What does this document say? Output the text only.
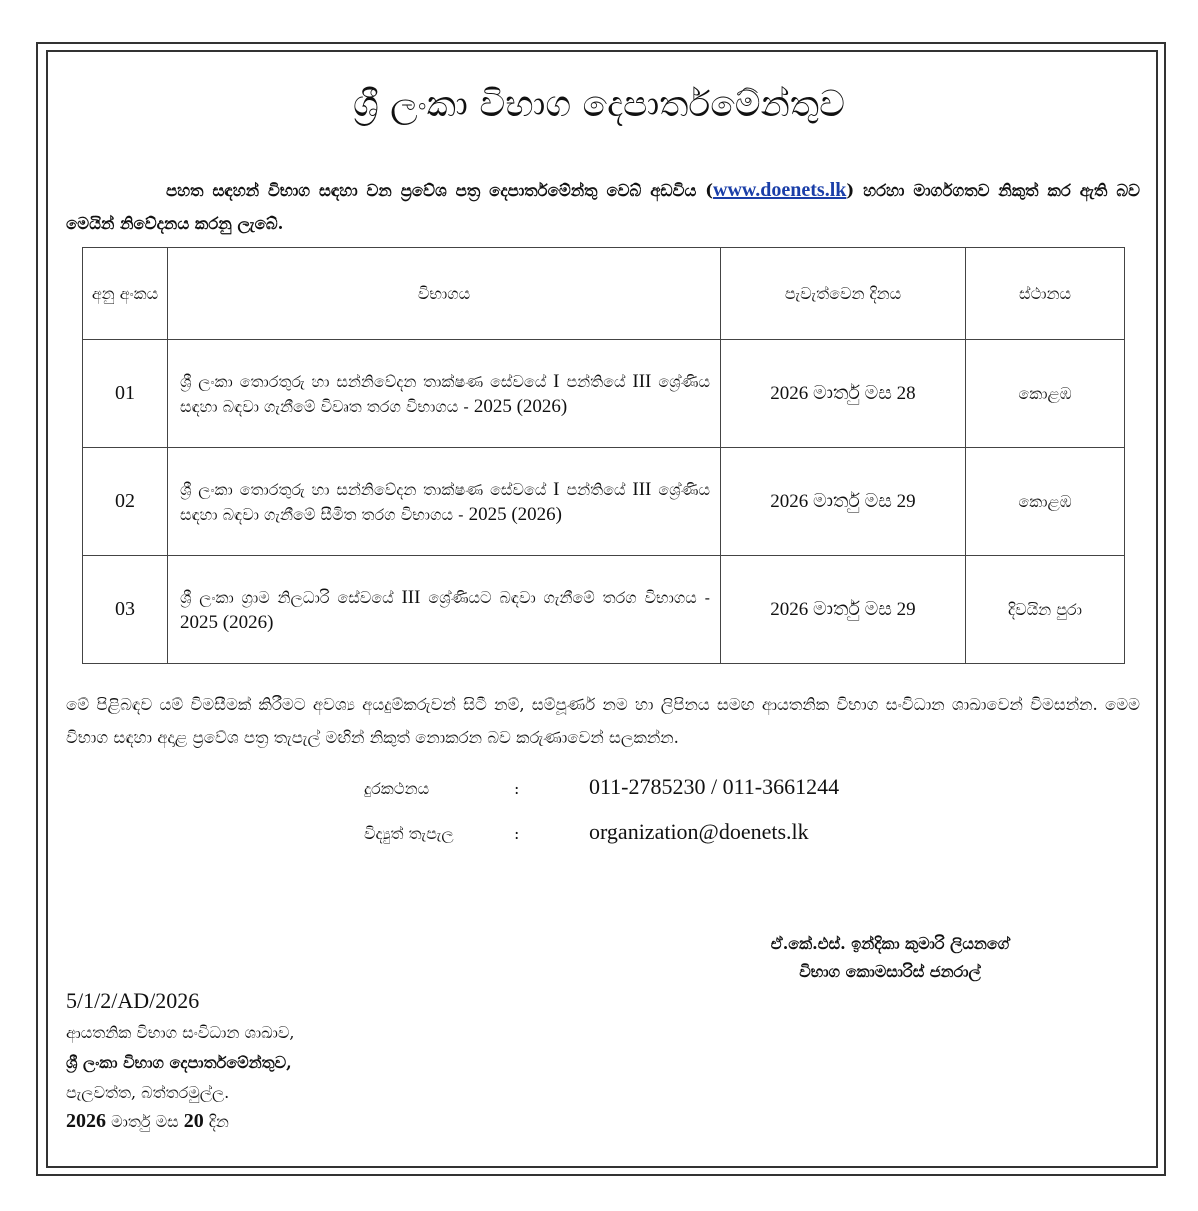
ශ්‍රී ලංකා විභාග දෙපාර්තමේන්තුව
පහත සඳහන් විභාග සඳහා වන ප්‍රවේශ පත්‍ර දෙපාර්තමේන්තු වෙබ් අඩවිය (www.doenets.lk) හරහා මාර්ගගතව නිකුත් කර ඇති බව මෙයින් නිවේදනය කරනු ලැබේ.
අනු අංකය	විභාගය	පැවැත්වෙන දිනය	ස්ථානය
01	ශ්‍රී ලංකා තොරතුරු හා සන්නිවේදන තාක්ෂණ සේවයේ I පන්තියේ III ශ්‍රේණිය සඳහා බඳවා ගැනීමේ විවෘත තරග විභාගය - 2025 (2026)	2026 මාර්තු මස 28	කොළඹ
02	ශ්‍රී ලංකා තොරතුරු හා සන්නිවේදන තාක්ෂණ සේවයේ I පන්තියේ III ශ්‍රේණිය සඳහා බඳවා ගැනීමේ සීමිත තරග විභාගය - 2025 (2026)	2026 මාර්තු මස 29	කොළඹ
03	ශ්‍රී ලංකා ග්‍රාම නිලධාරි සේවයේ III ශ්‍රේණියට බඳවා ගැනීමේ තරග විභාගය - 2025 (2026)	2026 මාර්තු මස 29	දිවයින පුරා
මේ පිළිබඳව යම් විමසීමක් කිරීමට අවශ්‍ය අයදුම්කරුවන් සිටී නම්, සම්පූර්ණ නම හා ලිපිනය සමඟ ආයතනික විභාග සංවිධාන ශාඛාවෙන් විමසන්න. මෙම විභාග සඳහා අදාළ ප්‍රවේශ පත්‍ර තැපැල් මඟින් නිකුත් නොකරන බව කරුණාවෙන් සලකන්න.
දුරකථනය	:	011-2785230 / 011-3661244
විද්‍යුත් තැපැල	:	organization@doenets.lk
ඒ.කේ.එස්. ඉන්දිකා කුමාරි ලියනගේ
විභාග කොමසාරිස් ජනරාල්
5/1/2/AD/2026
ආයතනික විභාග සංවිධාන ශාඛාව,
ශ්‍රී ලංකා විභාග දෙපාර්තමේන්තුව,
පැලවත්ත, බත්තරමුල්ල.
2026 මාර්තු මස 20 දින
